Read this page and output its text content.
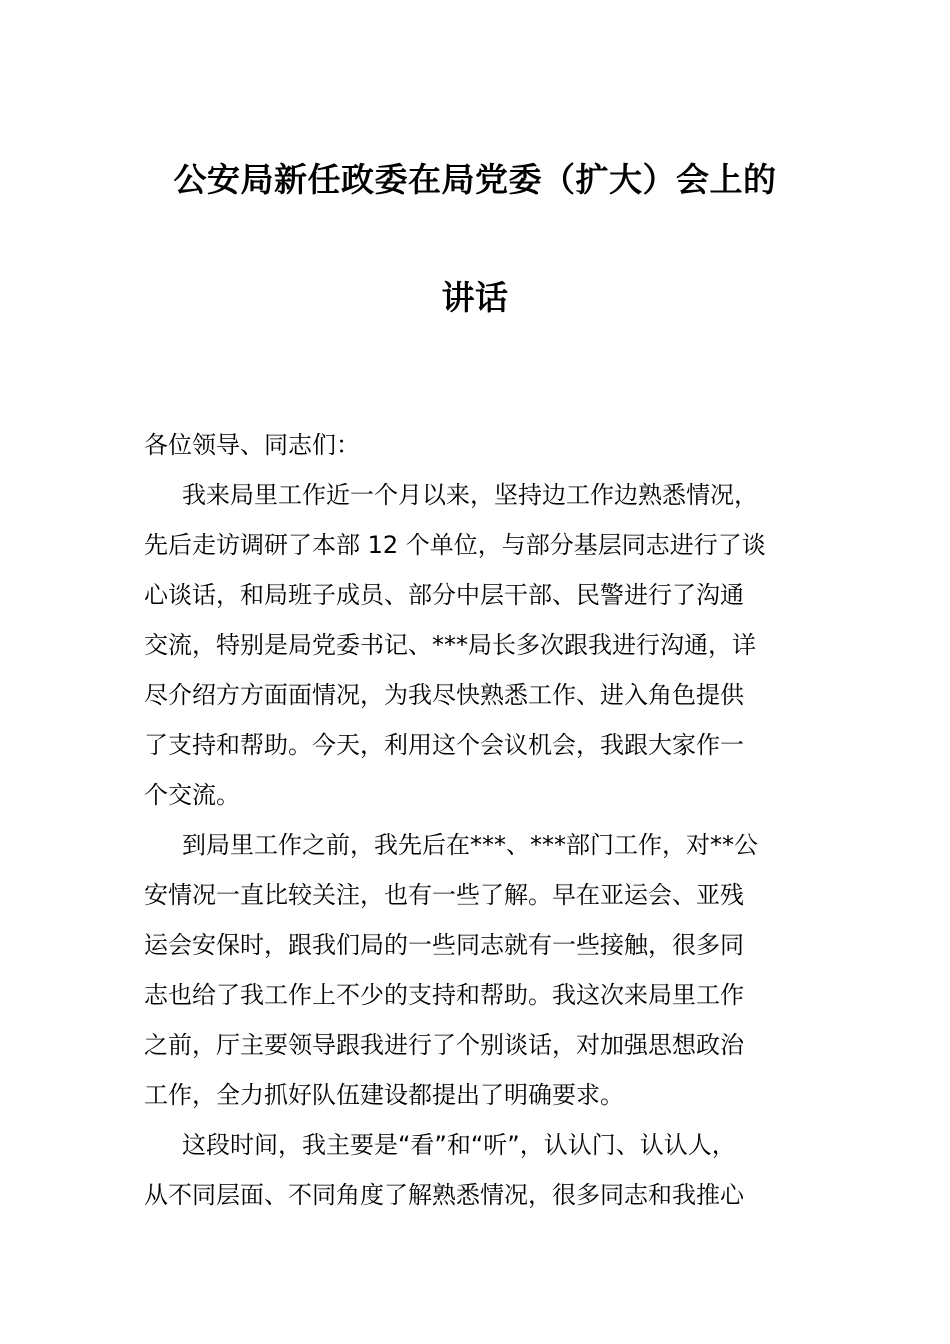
公安局新任政委在局党委（扩大）会上的
讲话
各位领导、同志们：
我来局里工作近一个月以来，坚持边工作边熟悉情况，
先后走访调研了本部 12 个单位，与部分基层同志进行了谈
心谈话，和局班子成员、部分中层干部、民警进行了沟通
交流，特别是局党委书记、***局长多次跟我进行沟通，详
尽介绍方方面面情况，为我尽快熟悉工作、进入角色提供
了支持和帮助。今天，利用这个会议机会，我跟大家作一
个交流。
到局里工作之前，我先后在***、***部门工作，对**公
安情况一直比较关注，也有一些了解。早在亚运会、亚残
运会安保时，跟我们局的一些同志就有一些接触，很多同
志也给了我工作上不少的支持和帮助。我这次来局里工作
之前，厅主要领导跟我进行了个别谈话，对加强思想政治
工作，全力抓好队伍建设都提出了明确要求。
这段时间，我主要是“看”和“听”，认认门、认认人，
从不同层面、不同角度了解熟悉情况，很多同志和我推心
